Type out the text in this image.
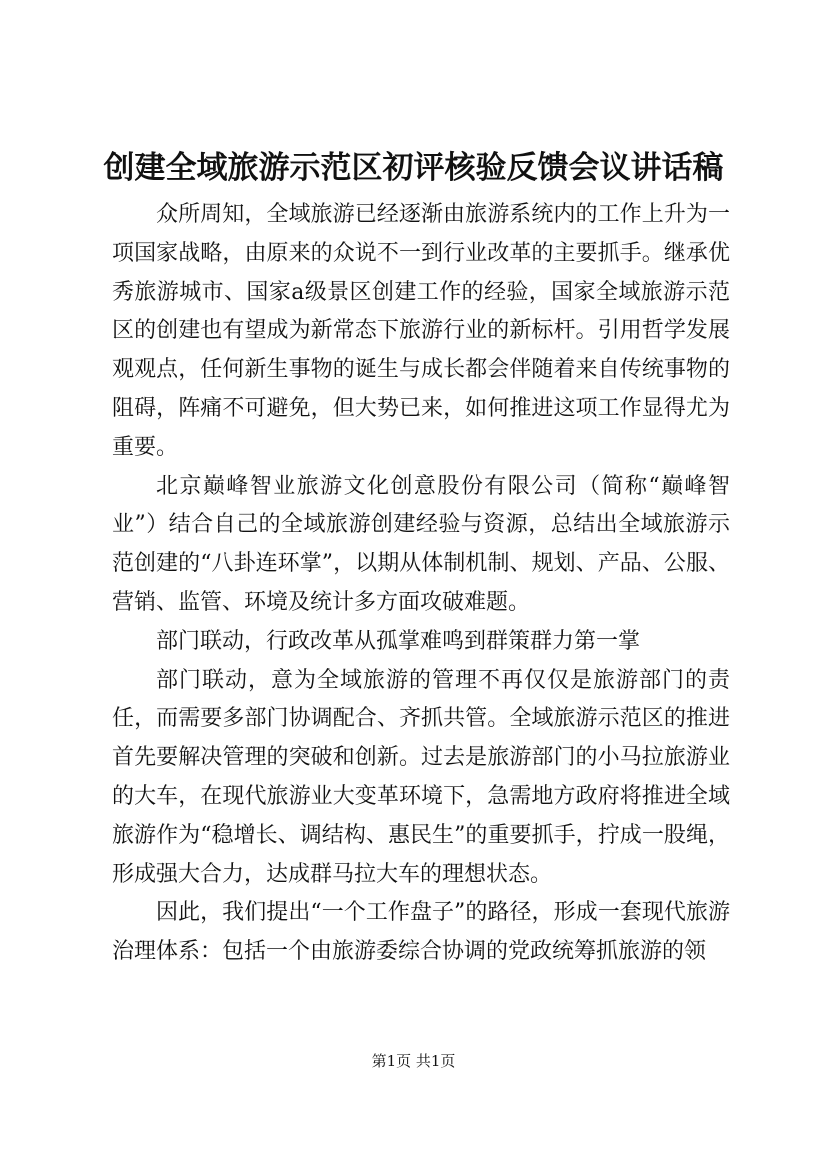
创建全域旅游示范区初评核验反馈会议讲话稿

众所周知，全域旅游已经逐渐由旅游系统内的工作上升为一项国家战略，由原来的众说不一到行业改革的主要抓手。继承优秀旅游城市、国家a级景区创建工作的经验，国家全域旅游示范区的创建也有望成为新常态下旅游行业的新标杆。引用哲学发展观观点，任何新生事物的诞生与成长都会伴随着来自传统事物的阻碍，阵痛不可避免，但大势已来，如何推进这项工作显得尤为重要。

北京巅峰智业旅游文化创意股份有限公司（简称“巅峰智业”）结合自己的全域旅游创建经验与资源，总结出全域旅游示范创建的“八卦连环掌”，以期从体制机制、规划、产品、公服、营销、监管、环境及统计多方面攻破难题。

部门联动，行政改革从孤掌难鸣到群策群力第一掌

部门联动，意为全域旅游的管理不再仅仅是旅游部门的责任，而需要多部门协调配合、齐抓共管。全域旅游示范区的推进首先要解决管理的突破和创新。过去是旅游部门的小马拉旅游业的大车，在现代旅游业大变革环境下，急需地方政府将推进全域旅游作为“稳增长、调结构、惠民生”的重要抓手，拧成一股绳，形成强大合力，达成群马拉大车的理想状态。

因此，我们提出“一个工作盘子”的路径，形成一套现代旅游治理体系：包括一个由旅游委综合协调的党政统筹抓旅游的领

第1页 共1页
